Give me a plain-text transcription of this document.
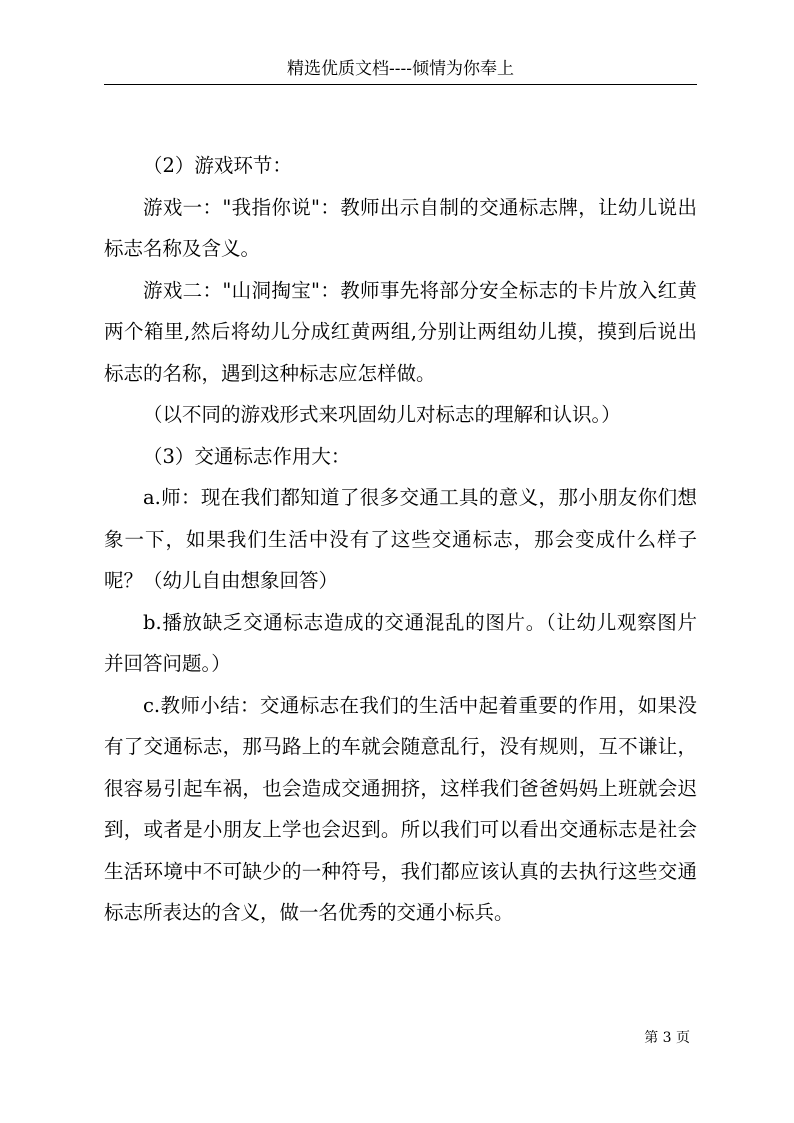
精选优质文档----倾情为你奉上

（2）游戏环节：

游戏一："我指你说"：教师出示自制的交通标志牌，让幼儿说出标志名称及含义。

游戏二："山洞掏宝"：教师事先将部分安全标志的卡片放入红黄两个箱里,然后将幼儿分成红黄两组,分别让两组幼儿摸，摸到后说出标志的名称，遇到这种标志应怎样做。

（以不同的游戏形式来巩固幼儿对标志的理解和认识。）

（3）交通标志作用大：

a.师：现在我们都知道了很多交通工具的意义，那小朋友你们想象一下，如果我们生活中没有了这些交通标志，那会变成什么样子呢？（幼儿自由想象回答）

b.播放缺乏交通标志造成的交通混乱的图片。（让幼儿观察图片并回答问题。）

c.教师小结：交通标志在我们的生活中起着重要的作用，如果没有了交通标志，那马路上的车就会随意乱行，没有规则，互不谦让，很容易引起车祸，也会造成交通拥挤，这样我们爸爸妈妈上班就会迟到，或者是小朋友上学也会迟到。所以我们可以看出交通标志是社会生活环境中不可缺少的一种符号，我们都应该认真的去执行这些交通标志所表达的含义，做一名优秀的交通小标兵。

第 3 页
